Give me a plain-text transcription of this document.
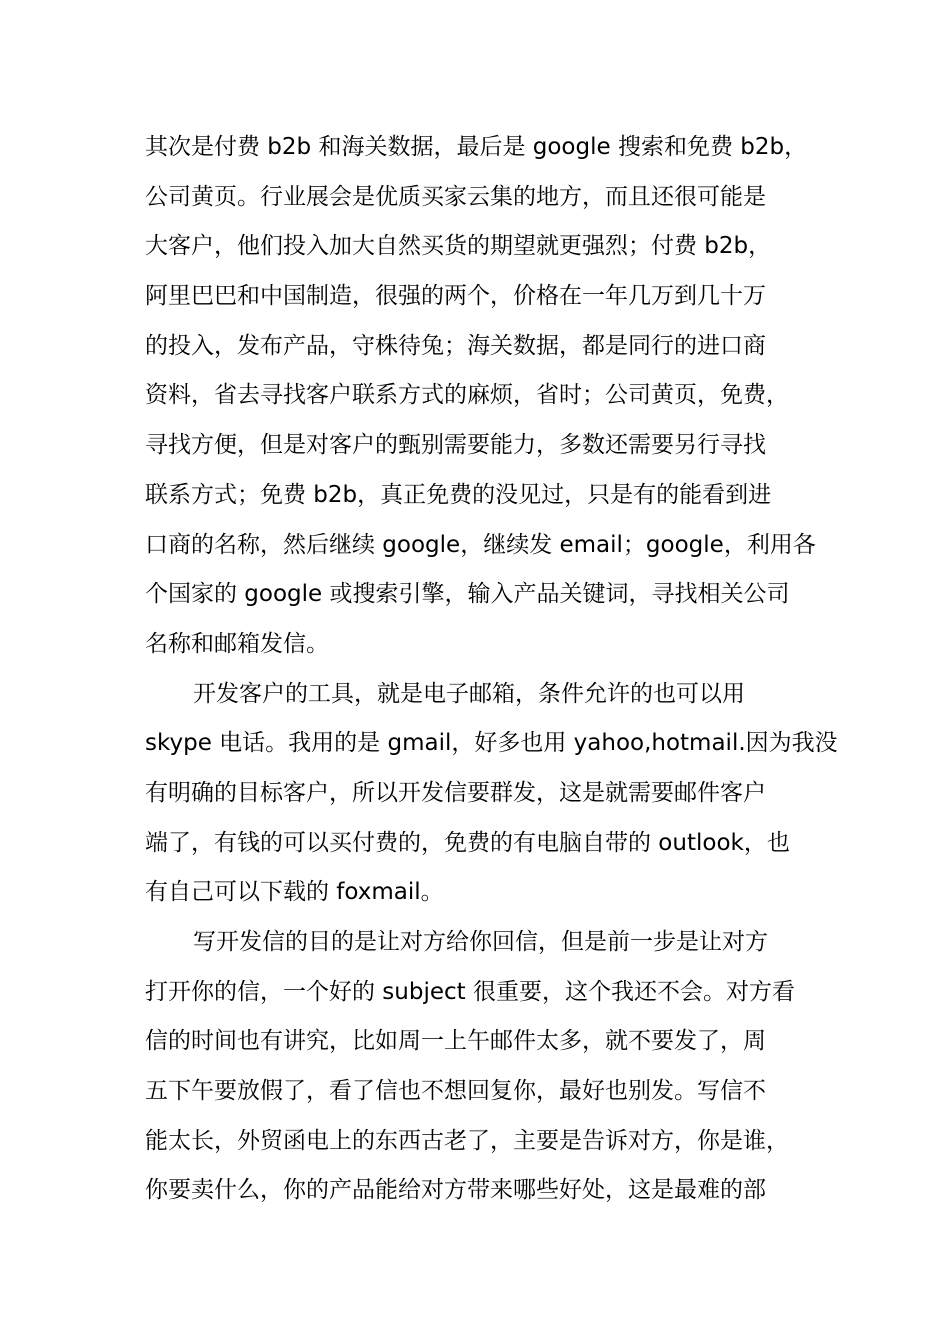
其次是付费 b2b 和海关数据，最后是 google 搜索和免费 b2b，
公司黄页。行业展会是优质买家云集的地方，而且还很可能是
大客户，他们投入加大自然买货的期望就更强烈；付费 b2b，
阿里巴巴和中国制造，很强的两个，价格在一年几万到几十万
的投入，发布产品，守株待兔；海关数据，都是同行的进口商
资料，省去寻找客户联系方式的麻烦，省时；公司黄页，免费，
寻找方便，但是对客户的甄别需要能力，多数还需要另行寻找
联系方式；免费 b2b，真正免费的没见过，只是有的能看到进
口商的名称，然后继续 google，继续发 email；google，利用各
个国家的 google 或搜索引擎，输入产品关键词，寻找相关公司
名称和邮箱发信。
开发客户的工具，就是电子邮箱，条件允许的也可以用
skype 电话。我用的是 gmail，好多也用 yahoo,hotmail.因为我没
有明确的目标客户，所以开发信要群发，这是就需要邮件客户
端了，有钱的可以买付费的，免费的有电脑自带的 outlook，也
有自己可以下载的 foxmail。
写开发信的目的是让对方给你回信，但是前一步是让对方
打开你的信，一个好的 subject 很重要，这个我还不会。对方看
信的时间也有讲究，比如周一上午邮件太多，就不要发了，周
五下午要放假了，看了信也不想回复你，最好也别发。写信不
能太长，外贸函电上的东西古老了，主要是告诉对方，你是谁，
你要卖什么，你的产品能给对方带来哪些好处，这是最难的部
